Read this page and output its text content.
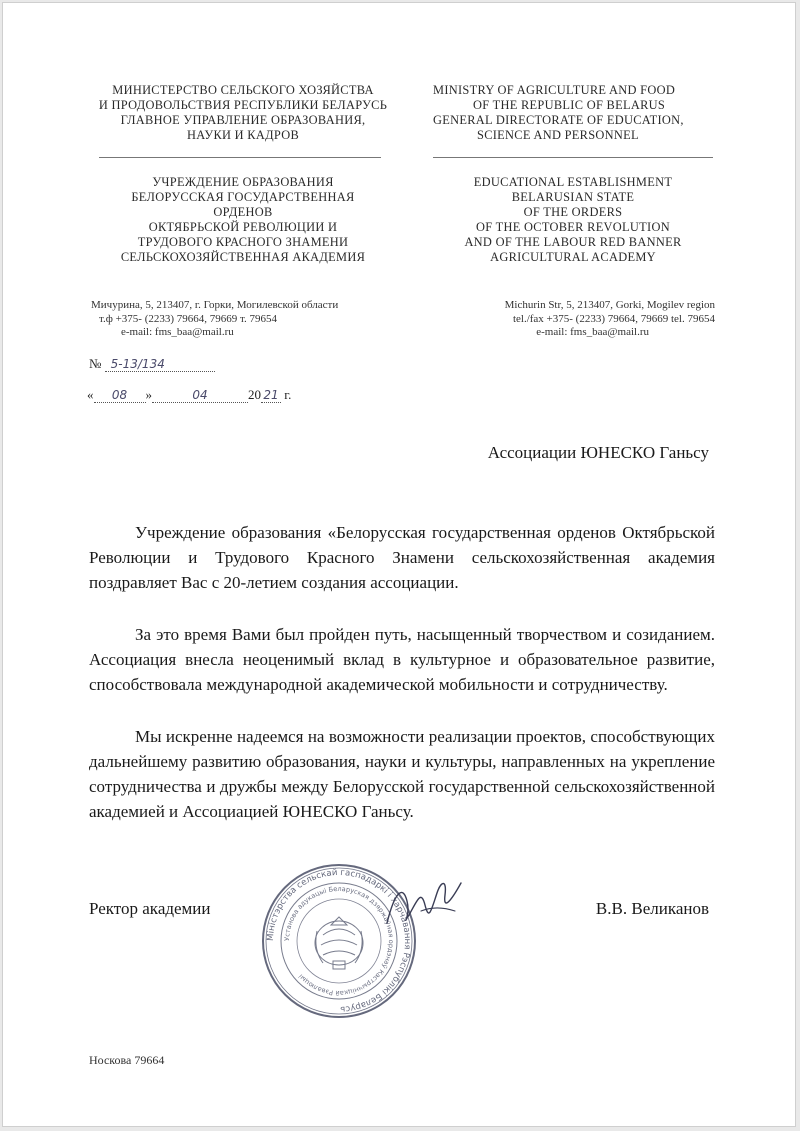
МИНИСТЕРСТВО СЕЛЬСКОГО ХОЗЯЙСТВА
И ПРОДОВОЛЬСТВИЯ РЕСПУБЛИКИ БЕЛАРУСЬ
ГЛАВНОЕ УПРАВЛЕНИЕ ОБРАЗОВАНИЯ,
НАУКИ И КАДРОВ
MINISTRY OF AGRICULTURE AND FOOD
OF THE REPUBLIC OF BELARUS
GENERAL DIRECTORATE OF EDUCATION,
SCIENCE AND PERSONNEL
УЧРЕЖДЕНИЕ ОБРАЗОВАНИЯ
БЕЛОРУССКАЯ ГОСУДАРСТВЕННАЯ
ОРДЕНОВ
ОКТЯБРЬСКОЙ РЕВОЛЮЦИИ И
ТРУДОВОГО КРАСНОГО ЗНАМЕНИ
СЕЛЬСКОХОЗЯЙСТВЕННАЯ АКАДЕМИЯ
EDUCATIONAL ESTABLISHMENT
BELARUSIAN STATE
OF THE ORDERS
OF THE OCTOBER REVOLUTION
AND OF THE LABOUR RED BANNER
AGRICULTURAL ACADEMY
Мичурина, 5, 213407, г. Горки, Могилевской области
т.ф +375- (2233) 79664, 79669 т. 79654
e-mail: fms_baa@mail.ru
Michurin Str, 5, 213407, Gorki, Mogilev region
tel./fax +375- (2233) 79664, 79669 tel. 79654
e-mail: fms_baa@mail.ru
№ 5-13/134
« 08 »	04	20 21 г.
Ассоциации ЮНЕСКО Ганьсу

Учреждение образования «Белорусская государственная орденов Октябрьской Революции и Трудового Красного Знамени сельскохозяйственная академия поздравляет Вас с 20-летием создания ассоциации.

За это время Вами был пройден путь, насыщенный творчеством и созиданием. Ассоциация внесла неоценимый вклад в культурное и образовательное развитие, способствовала международной академической мобильности и сотрудничеству.

Мы искренне надеемся на возможности реализации проектов, способствующих дальнейшему развитию образования, науки и культуры, направленных на укрепление сотрудничества и дружбы между Белорусской государственной сельскохозяйственной академией и Ассоциацией ЮНЕСКО Ганьсу.

Ректор академии	В.В. Великанов
Міністэрства сельскай гаспадаркі і харчавання Рэспублікі Беларусь
Установа адукацыі Беларуская дзяржаўная ордэнаў Кастрычніцкай Рэвалюцыі
Носкова 79664
